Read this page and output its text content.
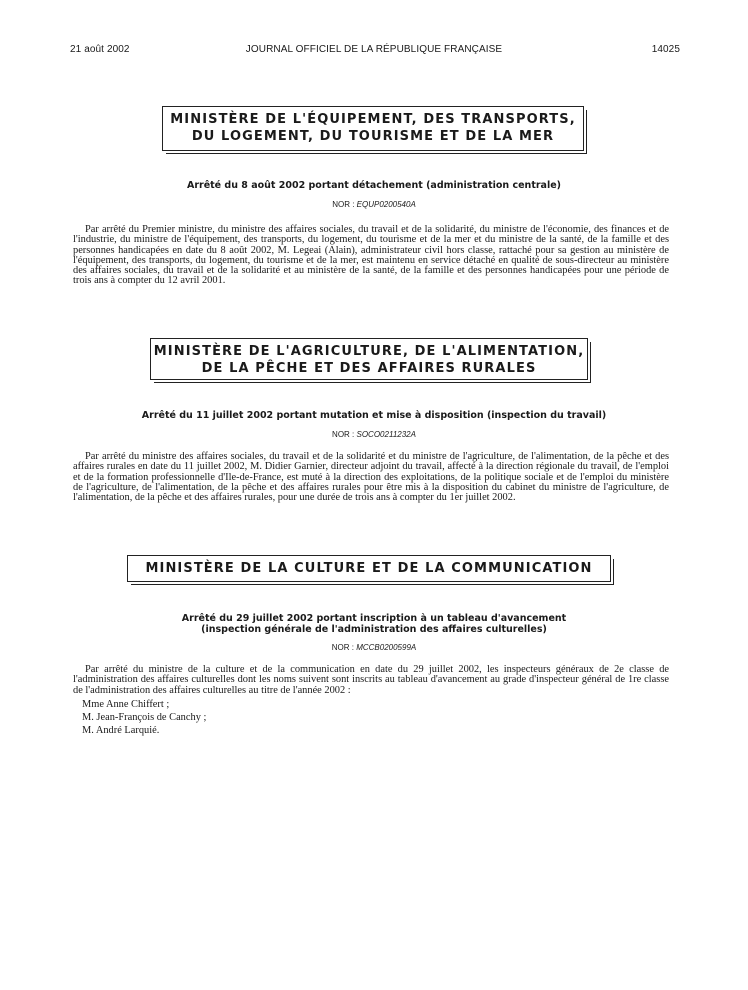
21 août 2002	JOURNAL OFFICIEL DE LA RÉPUBLIQUE FRANÇAISE	14025
MINISTÈRE DE L'ÉQUIPEMENT, DES TRANSPORTS,
DU LOGEMENT, DU TOURISME ET DE LA MER
Arrêté du 8 août 2002 portant détachement (administration centrale)
NOR : EQUP0200540A

Par arrêté du Premier ministre, du ministre des affaires sociales, du travail et de la solidarité, du ministre de l'économie, des finances et de l'industrie, du ministre de l'équipement, des transports, du logement, du tourisme et de la mer et du ministre de la santé, de la famille et des personnes handicapées en date du 8 août 2002, M. Legeai (Alain), administrateur civil hors classe, rattaché pour sa gestion au ministère de l'équipement, des transports, du logement, du tourisme et de la mer, est maintenu en service détaché en qualité de sous-directeur au ministère des affaires sociales, du travail et de la solidarité et au ministère de la santé, de la famille et des personnes handicapées pour une période de trois ans à compter du 12 avril 2001.

MINISTÈRE DE L'AGRICULTURE, DE L'ALIMENTATION,
DE LA PÊCHE ET DES AFFAIRES RURALES
Arrêté du 11 juillet 2002 portant mutation et mise à disposition (inspection du travail)
NOR : SOCO0211232A

Par arrêté du ministre des affaires sociales, du travail et de la solidarité et du ministre de l'agriculture, de l'alimentation, de la pêche et des affaires rurales en date du 11 juillet 2002, M. Didier Garnier, directeur adjoint du travail, affecté à la direction régionale du travail, de l'emploi et de la formation professionnelle d'Ile-de-France, est muté à la direction des exploitations, de la politique sociale et de l'emploi du ministère de l'agriculture, de l'alimentation, de la pêche et des affaires rurales pour être mis à la disposition du cabinet du ministre de l'agriculture, de l'alimentation, de la pêche et des affaires rurales, pour une durée de trois ans à compter du 1er juillet 2002.

MINISTÈRE DE LA CULTURE ET DE LA COMMUNICATION
Arrêté du 29 juillet 2002 portant inscription à un tableau d'avancement
(inspection générale de l'administration des affaires culturelles)
NOR : MCCB0200599A

Par arrêté du ministre de la culture et de la communication en date du 29 juillet 2002, les inspecteurs généraux de 2e classe de l'administration des affaires culturelles dont les noms suivent sont inscrits au tableau d'avancement au grade d'inspecteur général de 1re classe de l'administration des affaires culturelles au titre de l'année 2002 :

Mme Anne Chiffert ;
M. Jean-François de Canchy ;
M. André Larquié.
